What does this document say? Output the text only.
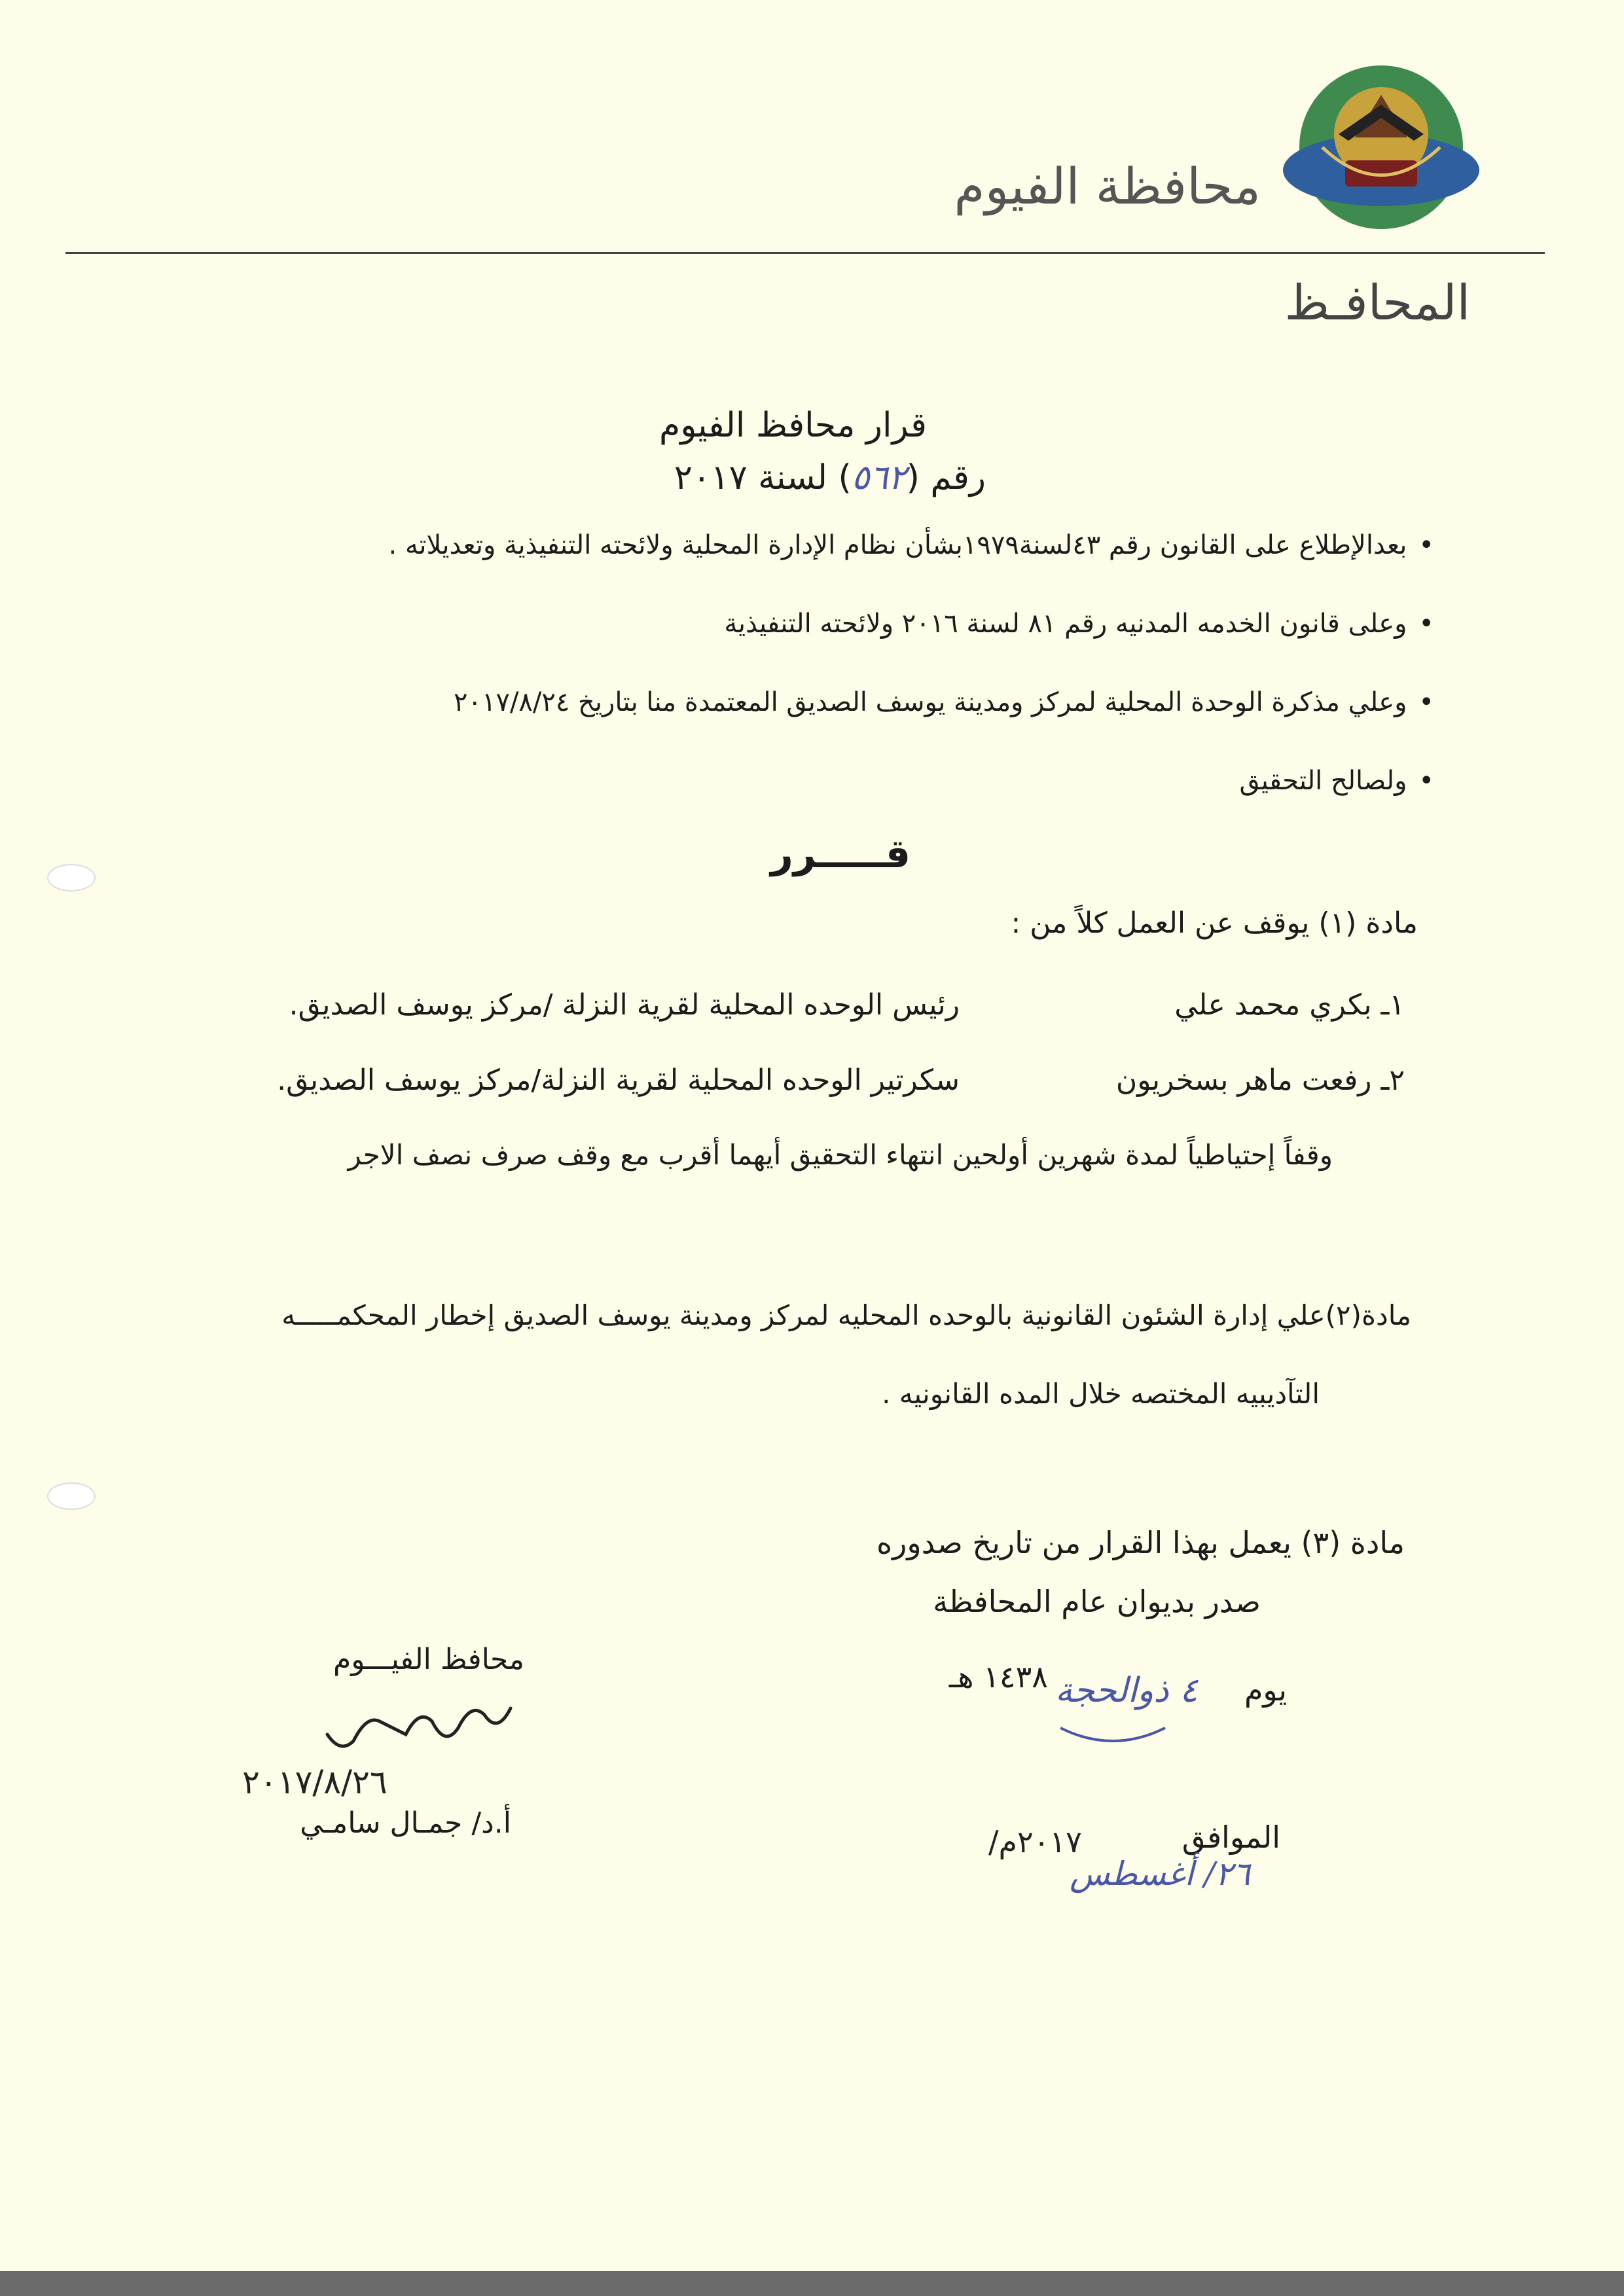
محافظة الفيوم
المحافـظ
قرار محافظ الفيوم
رقم (٥٦٢) لسنة ٢٠١٧
•بعدالإطلاع على القانون رقم ٤٣لسنة١٩٧٩بشأن نظام الإدارة المحلية ولائحته التنفيذية وتعديلاته .
•وعلى قانون الخدمه المدنيه رقم ٨١ لسنة ٢٠١٦ ولائحته التنفيذية
•وعلي مذكرة الوحدة المحلية لمركز ومدينة يوسف الصديق المعتمدة منا بتاريخ ٢٠١٧/٨/٢٤
•ولصالح التحقيق
قـــــرر
مادة (١) يوقف عن العمل كلاً من :
١ـ بكري محمد علي
رئيس الوحده المحلية لقرية النزلة /مركز يوسف الصديق.
٢ـ رفعت ماهر بسخريون
سكرتير الوحده المحلية لقرية النزلة/مركز يوسف الصديق.
وقفاً إحتياطياً لمدة شهرين أولحين انتهاء التحقيق أيهما أقرب مع وقف صرف نصف الاجر
مادة(٢)علي إدارة الشئون القانونية بالوحده المحليه لمركز ومدينة يوسف الصديق إخطار المحكمـــــه
التآديبيه المختصه خلال المده القانونيه .
مادة (٣) يعمل بهذا القرار من تاريخ صدوره
صدر بديوان عام المحافظة
محافظ الفيـــوم
٢٠١٧/٨/٢٦
أ.د/ جمـال سامـي
يوم
٤ ذوالحجة
١٤٣٨ هـ
الموافق
/٢٠١٧م
٢٦/ أغسطس
